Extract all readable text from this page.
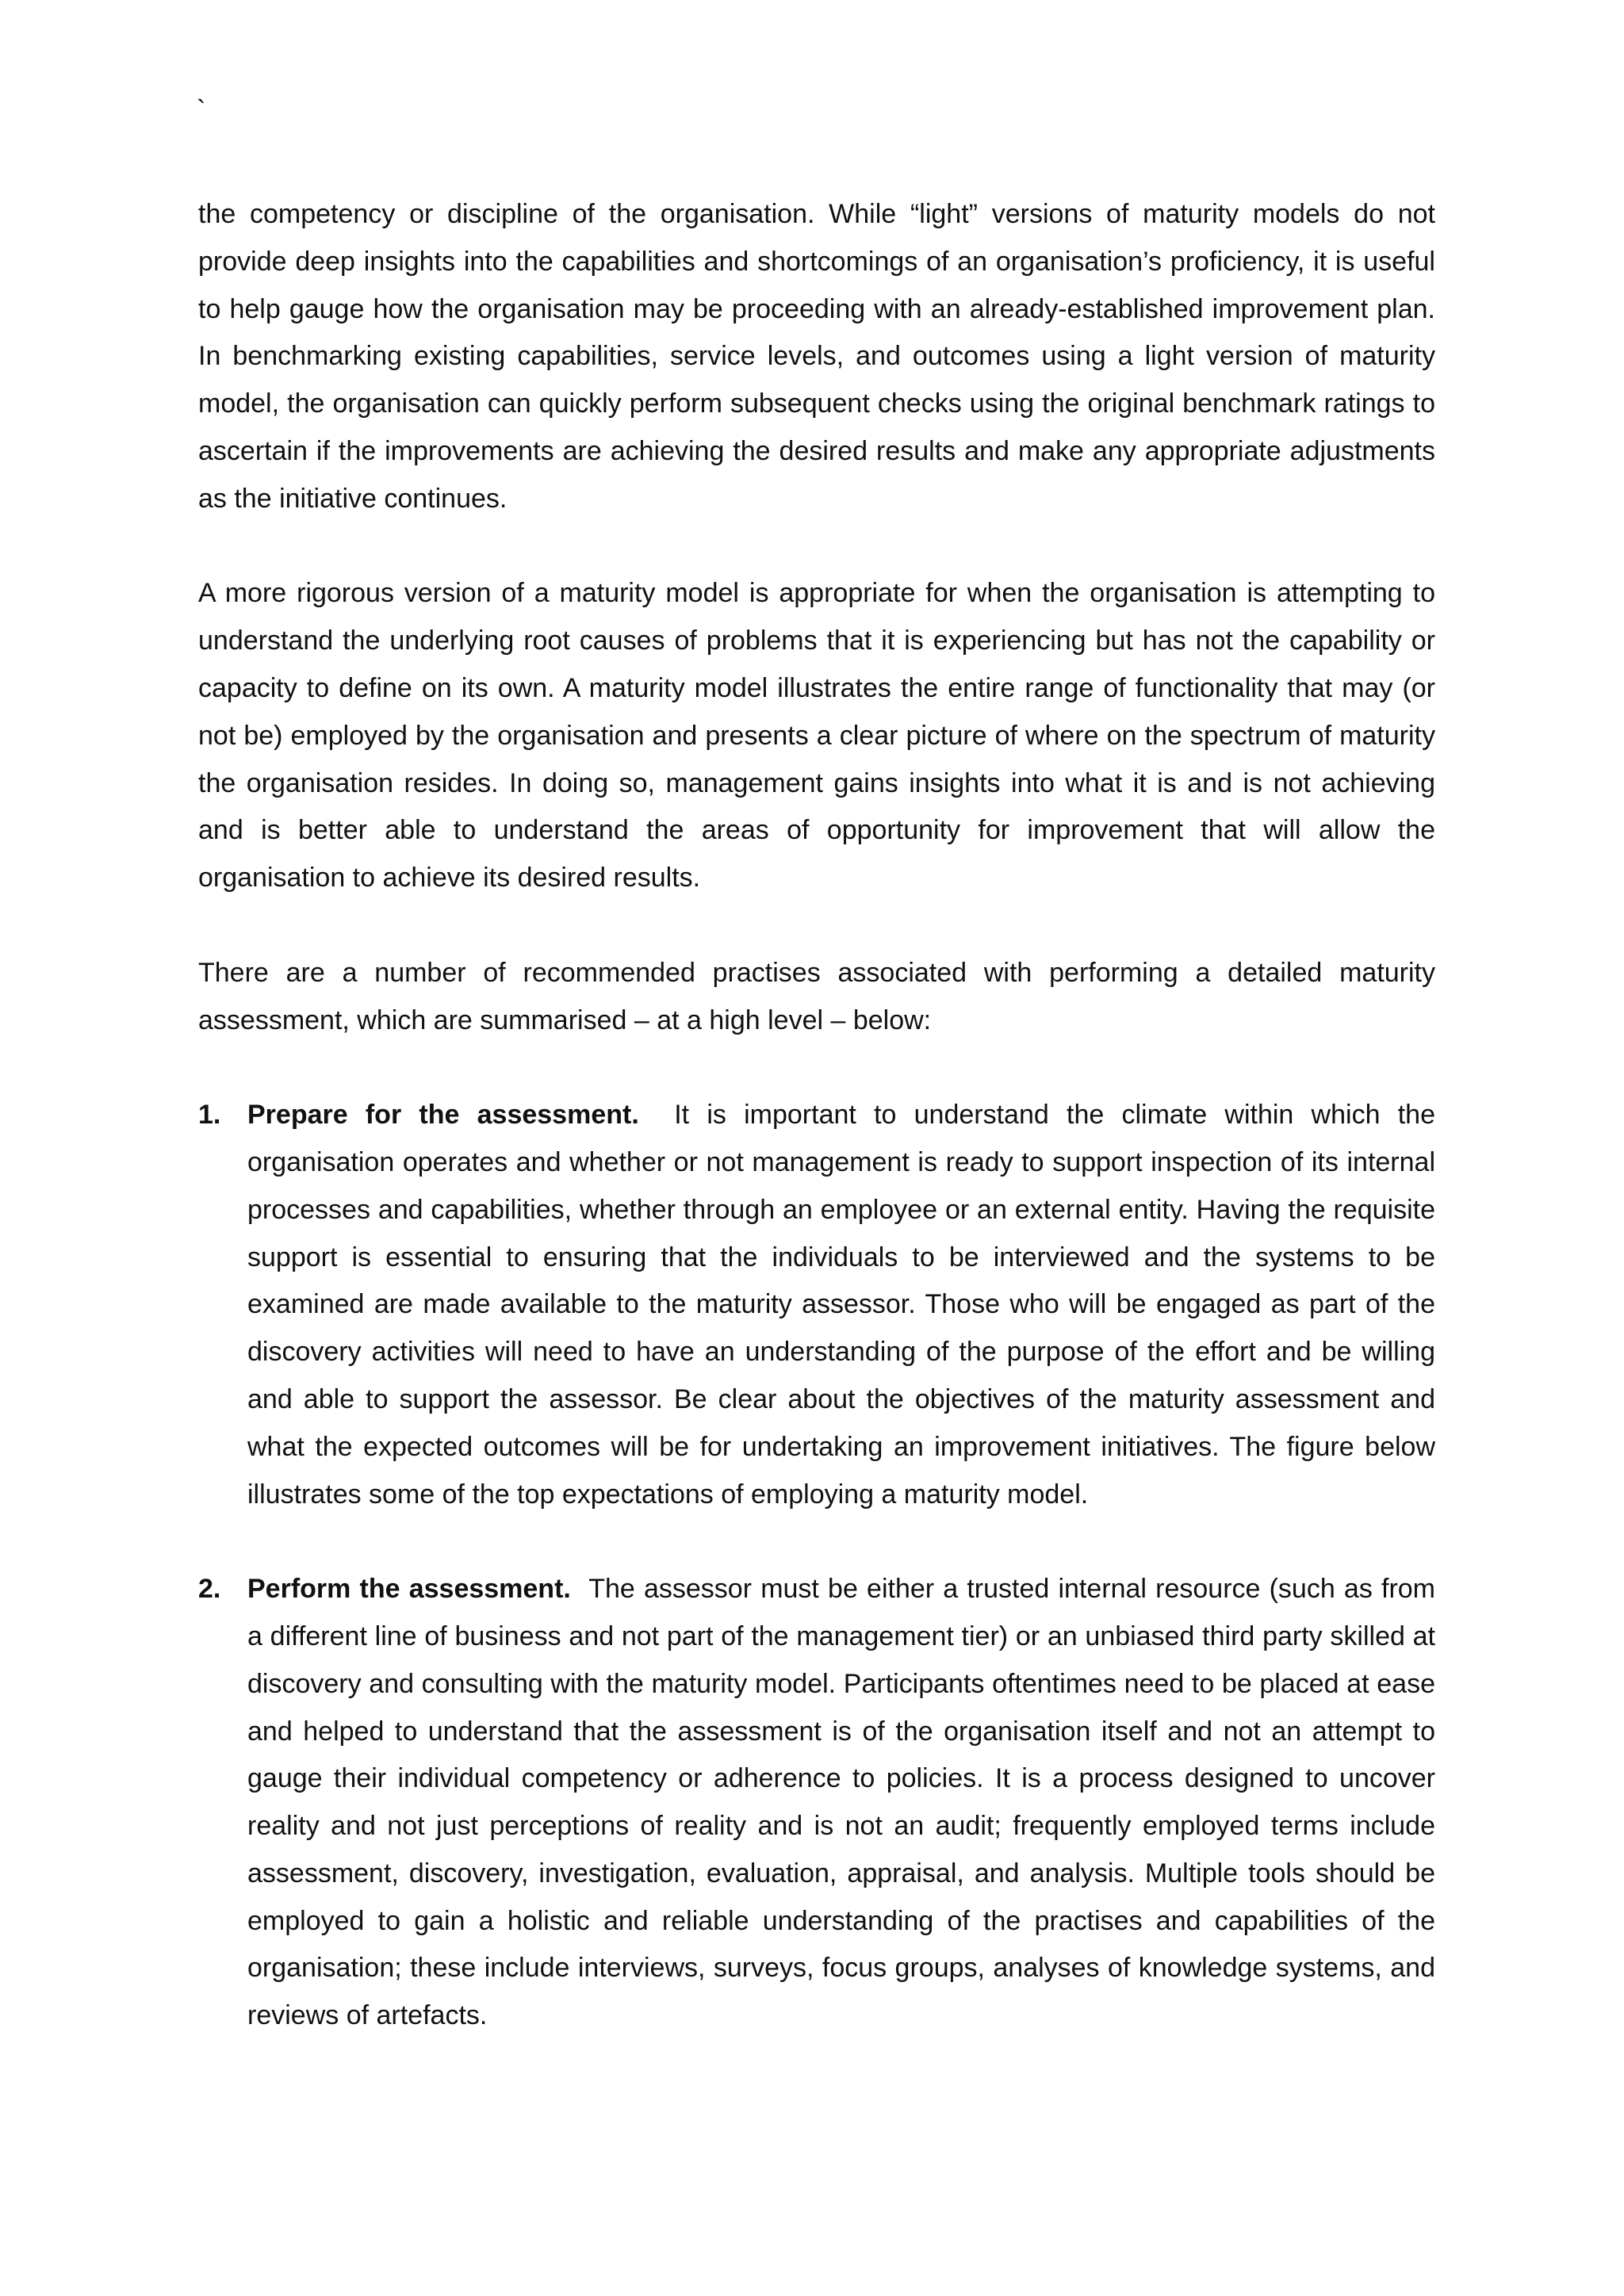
`

the competency or discipline of the organisation. While “light” versions of maturity models do not provide deep insights into the capabilities and shortcomings of an organisation’s proficiency, it is useful to help gauge how the organisation may be proceeding with an already-established improvement plan. In benchmarking existing capabilities, service levels, and outcomes using a light version of maturity model, the organisation can quickly perform subsequent checks using the original benchmark ratings to ascertain if the improvements are achieving the desired results and make any appropriate adjustments as the initiative continues.

A more rigorous version of a maturity model is appropriate for when the organisation is attempting to understand the underlying root causes of problems that it is experiencing but has not the capability or capacity to define on its own. A maturity model illustrates the entire range of functionality that may (or not be) employed by the organisation and presents a clear picture of where on the spectrum of maturity the organisation resides. In doing so, management gains insights into what it is and is not achieving and is better able to understand the areas of opportunity for improvement that will allow the organisation to achieve its desired results.

There are a number of recommended practises associated with performing a detailed maturity assessment, which are summarised – at a high level – below:

1. Prepare for the assessment. It is important to understand the climate within which the organisation operates and whether or not management is ready to support inspection of its internal processes and capabilities, whether through an employee or an external entity. Having the requisite support is essential to ensuring that the individuals to be interviewed and the systems to be examined are made available to the maturity assessor. Those who will be engaged as part of the discovery activities will need to have an understanding of the purpose of the effort and be willing and able to support the assessor. Be clear about the objectives of the maturity assessment and what the expected outcomes will be for undertaking an improvement initiatives. The figure below illustrates some of the top expectations of employing a maturity model.
2. Perform the assessment. The assessor must be either a trusted internal resource (such as from a different line of business and not part of the management tier) or an unbiased third party skilled at discovery and consulting with the maturity model. Participants oftentimes need to be placed at ease and helped to understand that the assessment is of the organisation itself and not an attempt to gauge their individual competency or adherence to policies. It is a process designed to uncover reality and not just perceptions of reality and is not an audit; frequently employed terms include assessment, discovery, investigation, evaluation, appraisal, and analysis. Multiple tools should be employed to gain a holistic and reliable understanding of the practises and capabilities of the organisation; these include interviews, surveys, focus groups, analyses of knowledge systems, and reviews of artefacts.
